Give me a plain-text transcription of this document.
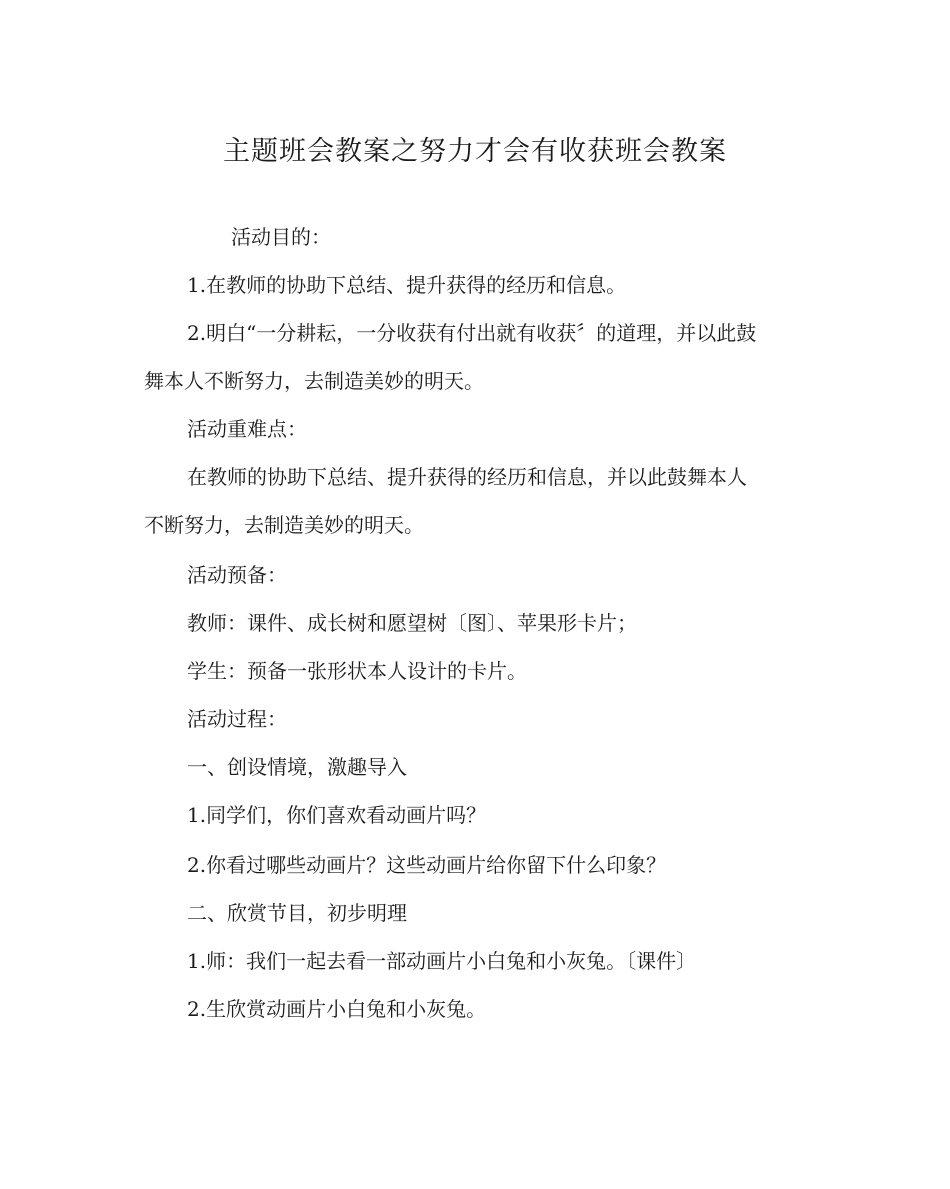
主题班会教案之努力才会有收获班会教案
活动目的：
1.在教师的协助下总结、提升获得的经历和信息。
2.明白“一分耕耘，一分收获有付出就有收获〞的道理，并以此鼓
舞本人不断努力，去制造美妙的明天。
活动重难点：
在教师的协助下总结、提升获得的经历和信息，并以此鼓舞本人
不断努力，去制造美妙的明天。
活动预备：
教师：课件、成长树和愿望树〔图〕、苹果形卡片；
学生：预备一张形状本人设计的卡片。
活动过程：
一、创设情境，激趣导入
1.同学们，你们喜欢看动画片吗？
2.你看过哪些动画片？这些动画片给你留下什么印象？
二、欣赏节目，初步明理
1.师：我们一起去看一部动画片小白兔和小灰兔。〔课件〕
2.生欣赏动画片小白兔和小灰兔。
